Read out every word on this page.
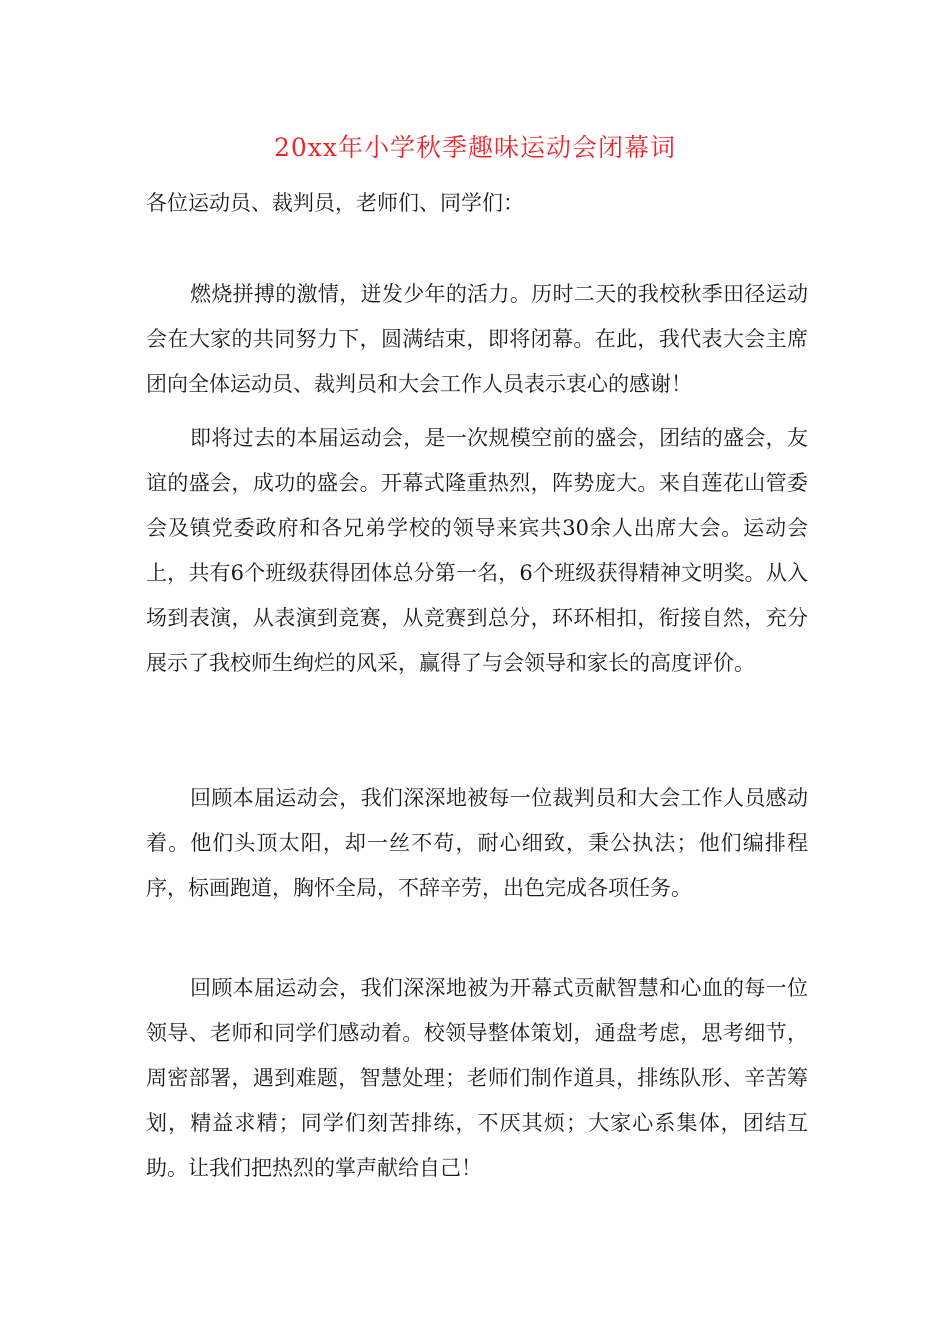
20xx年小学秋季趣味运动会闭幕词

各位运动员、裁判员，老师们、同学们：

燃烧拼搏的激情，迸发少年的活力。历时二天的我校秋季田径运动会在大家的共同努力下，圆满结束，即将闭幕。在此，我代表大会主席团向全体运动员、裁判员和大会工作人员表示衷心的感谢！

即将过去的本届运动会，是一次规模空前的盛会，团结的盛会，友谊的盛会，成功的盛会。开幕式隆重热烈，阵势庞大。来自莲花山管委会及镇党委政府和各兄弟学校的领导来宾共30余人出席大会。运动会上，共有6个班级获得团体总分第一名，6个班级获得精神文明奖。从入场到表演，从表演到竞赛，从竞赛到总分，环环相扣，衔接自然，充分展示了我校师生绚烂的风采，赢得了与会领导和家长的高度评价。

回顾本届运动会，我们深深地被每一位裁判员和大会工作人员感动着。他们头顶太阳，却一丝不苟，耐心细致，秉公执法；他们编排程序，标画跑道，胸怀全局，不辞辛劳，出色完成各项任务。

回顾本届运动会，我们深深地被为开幕式贡献智慧和心血的每一位领导、老师和同学们感动着。校领导整体策划，通盘考虑，思考细节，周密部署，遇到难题，智慧处理；老师们制作道具，排练队形、辛苦筹划，精益求精；同学们刻苦排练，不厌其烦；大家心系集体，团结互助。让我们把热烈的掌声献给自己！
